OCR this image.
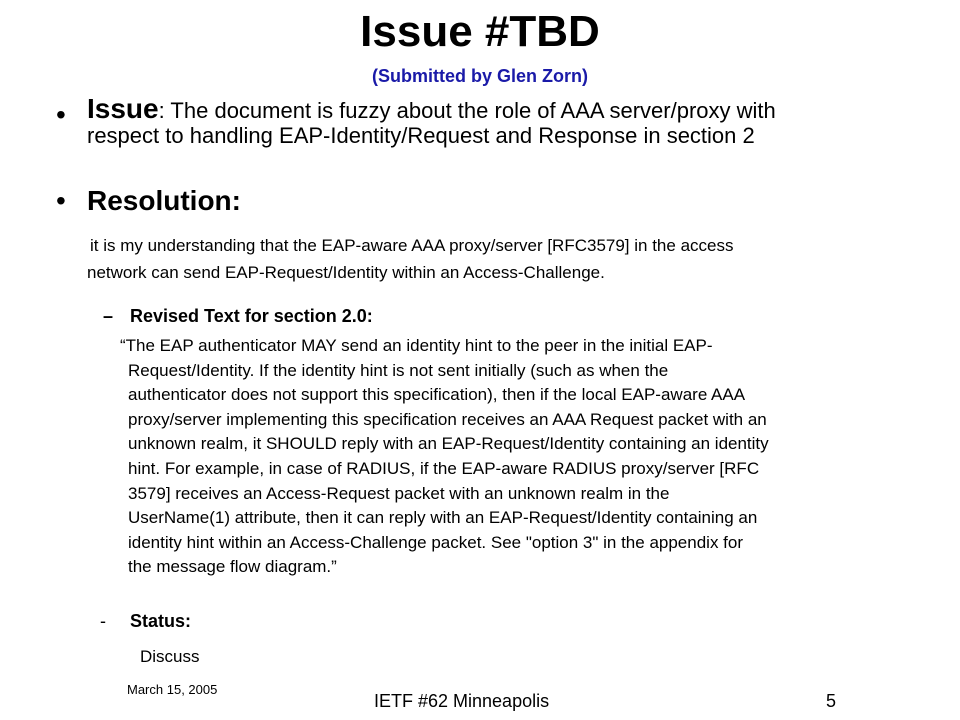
Issue #TBD
(Submitted by Glen Zorn)
• Issue: The document is fuzzy about the role of AAA server/proxy with
respect to handling EAP-Identity/Request and Response in section 2
• Resolution:
it is my understanding that the EAP-aware AAA proxy/server [RFC3579] in the access
network can send EAP-Request/Identity within an Access-Challenge.
– Revised Text for section 2.0:
“The EAP authenticator MAY send an identity hint to the peer in the initial EAP-
Request/Identity. If the identity hint is not sent initially (such as when the
authenticator does not support this specification), then if the local EAP-aware AAA
proxy/server implementing this specification receives an AAA Request packet with an
unknown realm, it SHOULD reply with an EAP-Request/Identity containing an identity
hint. For example, in case of RADIUS, if the EAP-aware RADIUS proxy/server [RFC
3579] receives an Access-Request packet with an unknown realm in the
UserName(1) attribute, then it can reply with an EAP-Request/Identity containing an
identity hint within an Access-Challenge packet. See "option 3" in the appendix for
the message flow diagram.”
- Status:
Discuss
March 15, 2005
IETF #62 Minneapolis	5
